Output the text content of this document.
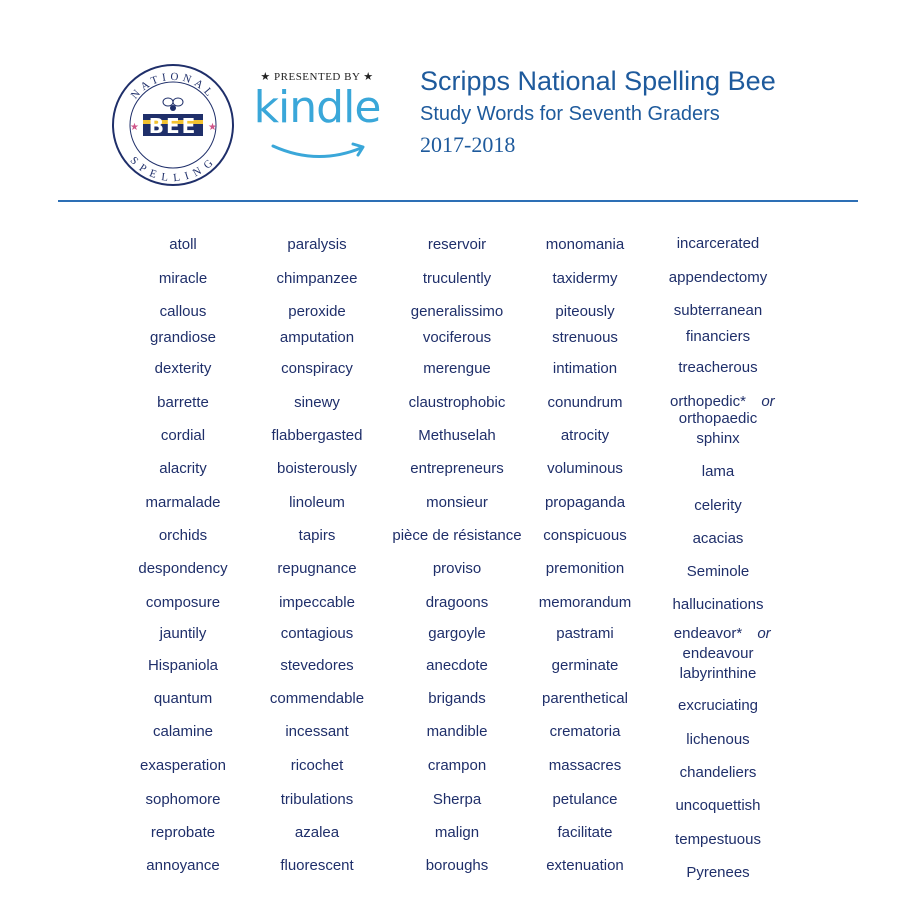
NATIONAL
SPELLING
★	★
BEE
★ PRESENTED BY ★
kindle
Scripps National Spelling Bee
Study Words for Seventh Graders
2017-2018
atoll
miracle
callous
grandiose
dexterity
barrette
cordial
alacrity
marmalade
orchids
despondency
composure
jauntily
Hispaniola
quantum
calamine
exasperation
sophomore
reprobate
annoyance
paralysis
chimpanzee
peroxide
amputation
conspiracy
sinewy
flabbergasted
boisterously
linoleum
tapirs
repugnance
impeccable
contagious
stevedores
commendable
incessant
ricochet
tribulations
azalea
fluorescent
reservoir
truculently
generalissimo
vociferous
merengue
claustrophobic
Methuselah
entrepreneurs
monsieur
pièce de résistance
proviso
dragoons
gargoyle
anecdote
brigands
mandible
crampon
Sherpa
malign
boroughs
monomania
taxidermy
piteously
strenuous
intimation
conundrum
atrocity
voluminous
propaganda
conspicuous
premonition
memorandum
pastrami
germinate
parenthetical
crematoria
massacres
petulance
facilitate
extenuation
incarcerated
appendectomy
subterranean
financiers
treacherous
orthopedic* or
orthopaedic
sphinx
lama
celerity
acacias
Seminole
hallucinations
endeavor* or
endeavour
labyrinthine
excruciating
lichenous
chandeliers
uncoquettish
tempestuous
Pyrenees
